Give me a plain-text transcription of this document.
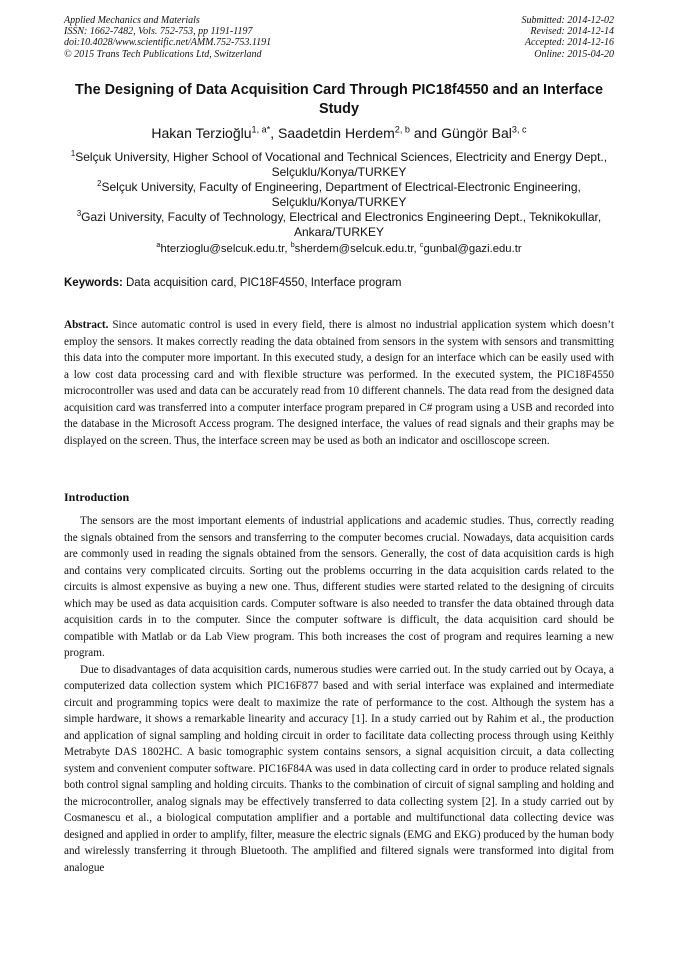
Applied Mechanics and Materials
ISSN: 1662-7482, Vols. 752-753, pp 1191-1197
doi:10.4028/www.scientific.net/AMM.752-753.1191
© 2015 Trans Tech Publications Ltd, Switzerland
Submitted: 2014-12-02
Revised: 2014-12-14
Accepted: 2014-12-16
Online: 2015-04-20
The Designing of Data Acquisition Card Through PIC18f4550 and an Interface Study
Hakan Terzioğlu$^{1, a*}$, Saadetdin Herdem$^{2, b}$ and Güngör Bal$^{3, c}$
$^1$Selçuk University, Higher School of Vocational and Technical Sciences, Electricity and Energy Dept., Selçuklu/Konya/TURKEY
$^2$Selçuk University, Faculty of Engineering, Department of Electrical-Electronic Engineering, Selçuklu/Konya/TURKEY
$^3$Gazi University, Faculty of Technology, Electrical and Electronics Engineering Dept., Teknikokullar, Ankara/TURKEY
$^a$hterzioglu@selcuk.edu.tr, $^b$sherdem@selcuk.edu.tr, $^c$gunbal@gazi.edu.tr
Keywords: Data acquisition card, PIC18F4550, Interface program

Abstract. Since automatic control is used in every field, there is almost no industrial application system which doesn’t employ the sensors. It makes correctly reading the data obtained from sensors in the system with sensors and transmitting this data into the computer more important. In this executed study, a design for an interface which can be easily used with a low cost data processing card and with flexible structure was performed. In the executed system, the PIC18F4550 microcontroller was used and data can be accurately read from 10 different channels. The data read from the designed data acquisition card was transferred into a computer interface program prepared in C# program using a USB and recorded into the database in the Microsoft Access program. The designed interface, the values of read signals and their graphs may be displayed on the screen. Thus, the interface screen may be used as both an indicator and oscilloscope screen.

Introduction

The sensors are the most important elements of industrial applications and academic studies. Thus, correctly reading the signals obtained from the sensors and transferring to the computer becomes crucial. Nowadays, data acquisition cards are commonly used in reading the signals obtained from the sensors. Generally, the cost of data acquisition cards is high and contains very complicated circuits. Sorting out the problems occurring in the data acquisition cards related to the circuits is almost expensive as buying a new one. Thus, different studies were started related to the designing of circuits which may be used as data acquisition cards. Computer software is also needed to transfer the data obtained through data acquisition cards in to the computer. Since the computer software is difficult, the data acquisition card should be compatible with Matlab or da Lab View program. This both increases the cost of program and requires learning a new program.

Due to disadvantages of data acquisition cards, numerous studies were carried out. In the study carried out by Ocaya, a computerized data collection system which PIC16F877 based and with serial interface was explained and intermediate circuit and programming topics were dealt to maximize the rate of performance to the cost. Although the system has a simple hardware, it shows a remarkable linearity and accuracy [1]. In a study carried out by Rahim et al., the production and application of signal sampling and holding circuit in order to facilitate data collecting process through using Keithly Metrabyte DAS 1802HC. A basic tomographic system contains sensors, a signal acquisition circuit, a data collecting system and convenient computer software. PIC16F84A was used in data collecting card in order to produce related signals both control signal sampling and holding circuits. Thanks to the combination of circuit of signal sampling and holding and the microcontroller, analog signals may be effectively transferred to data collecting system [2]. In a study carried out by Cosmanescu et al., a biological computation amplifier and a portable and multifunctional data collecting device was designed and applied in order to amplify, filter, measure the electric signals (EMG and EKG) produced by the human body and wirelessly transferring it through Bluetooth. The amplified and filtered signals were transformed into digital from analogue
